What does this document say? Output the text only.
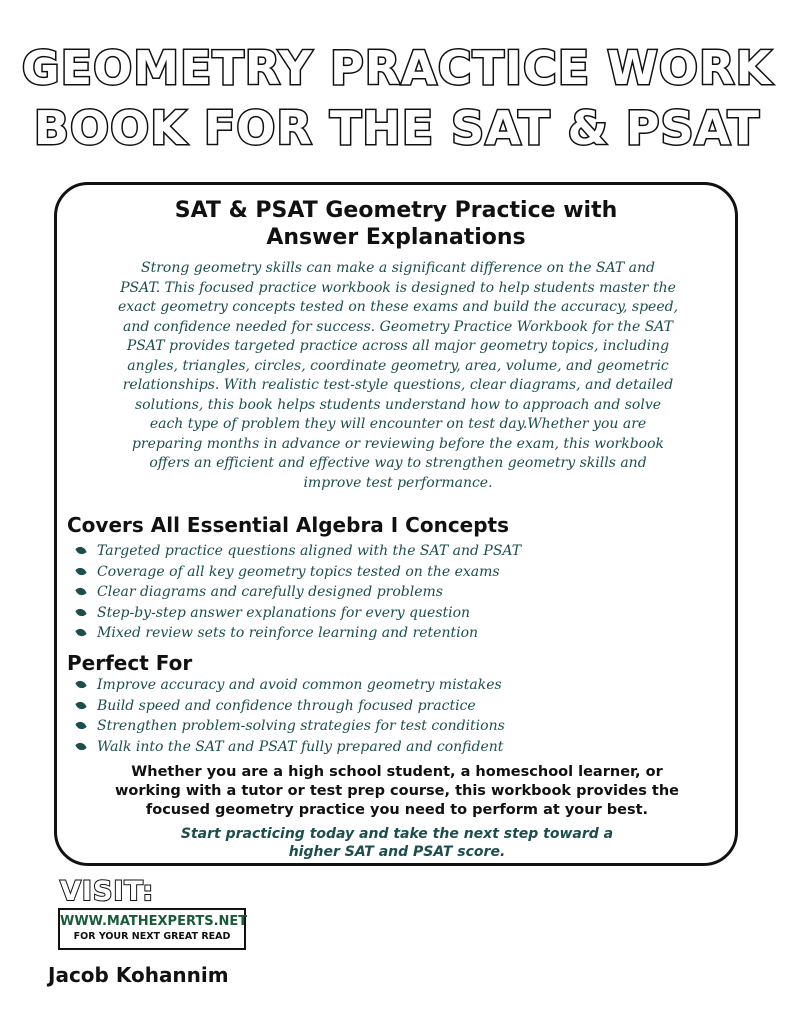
GEOMETRY PRACTICE WORK
BOOK FOR THE SAT & PSAT
SAT & PSAT Geometry Practice with
Answer Explanations
Strong geometry skills can make a significant difference on the SAT and
PSAT. This focused practice workbook is designed to help students master the
exact geometry concepts tested on these exams and build the accuracy, speed,
and confidence needed for success. Geometry Practice Workbook for the SAT
PSAT provides targeted practice across all major geometry topics, including
angles, triangles, circles, coordinate geometry, area, volume, and geometric
relationships. With realistic test-style questions, clear diagrams, and detailed
solutions, this book helps students understand how to approach and solve
each type of problem they will encounter on test day.Whether you are
preparing months in advance or reviewing before the exam, this workbook
offers an efficient and effective way to strengthen geometry skills and
improve test performance.
Covers All Essential Algebra I Concepts
Targeted practice questions aligned with the SAT and PSAT
Coverage of all key geometry topics tested on the exams
Clear diagrams and carefully designed problems
Step-by-step answer explanations for every question
Mixed review sets to reinforce learning and retention
Perfect For
Improve accuracy and avoid common geometry mistakes
Build speed and confidence through focused practice
Strengthen problem-solving strategies for test conditions
Walk into the SAT and PSAT fully prepared and confident
Whether you are a high school student, a homeschool learner, or
working with a tutor or test prep course, this workbook provides the
focused geometry practice you need to perform at your best.
Start practicing today and take the next step toward a
higher SAT and PSAT score.
VISIT:
WWW.MATHEXPERTS.NET
FOR YOUR NEXT GREAT READ
Jacob Kohannim
